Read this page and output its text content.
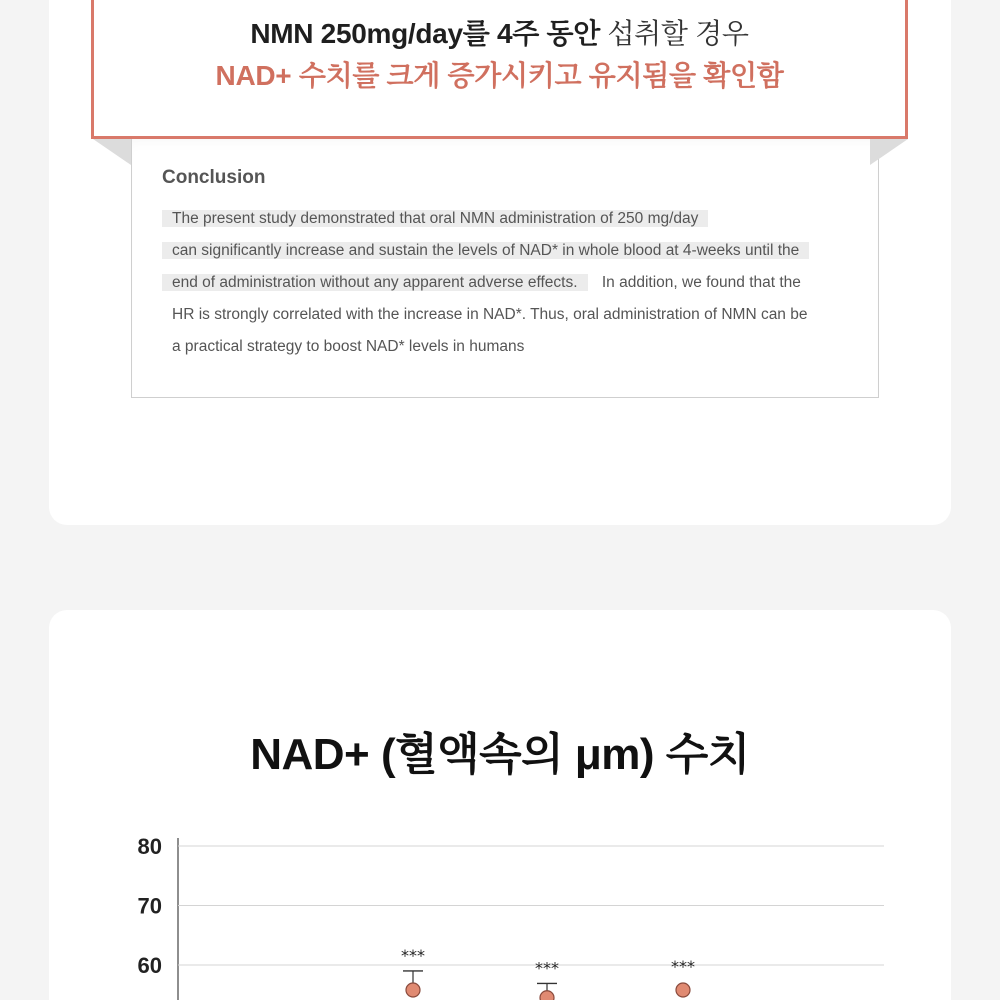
NMN 250mg/day를 4주 동안 섭취할 경우
NAD+ 수치를 크게 증가시키고 유지됨을 확인함
Conclusion
The present study demonstrated that oral NMN administration of 250 mg/day
can significantly increase and sustain the levels of NAD* in whole blood at 4-weeks until the
end of administration without any apparent adverse effects. In addition, we found that the
HR is strongly correlated with the increase in NAD*. Thus, oral administration of NMN can be
a practical strategy to boost NAD* levels in humans
NAD+ (혈액속의 μm) 수치
80
70
60	***
***	***
